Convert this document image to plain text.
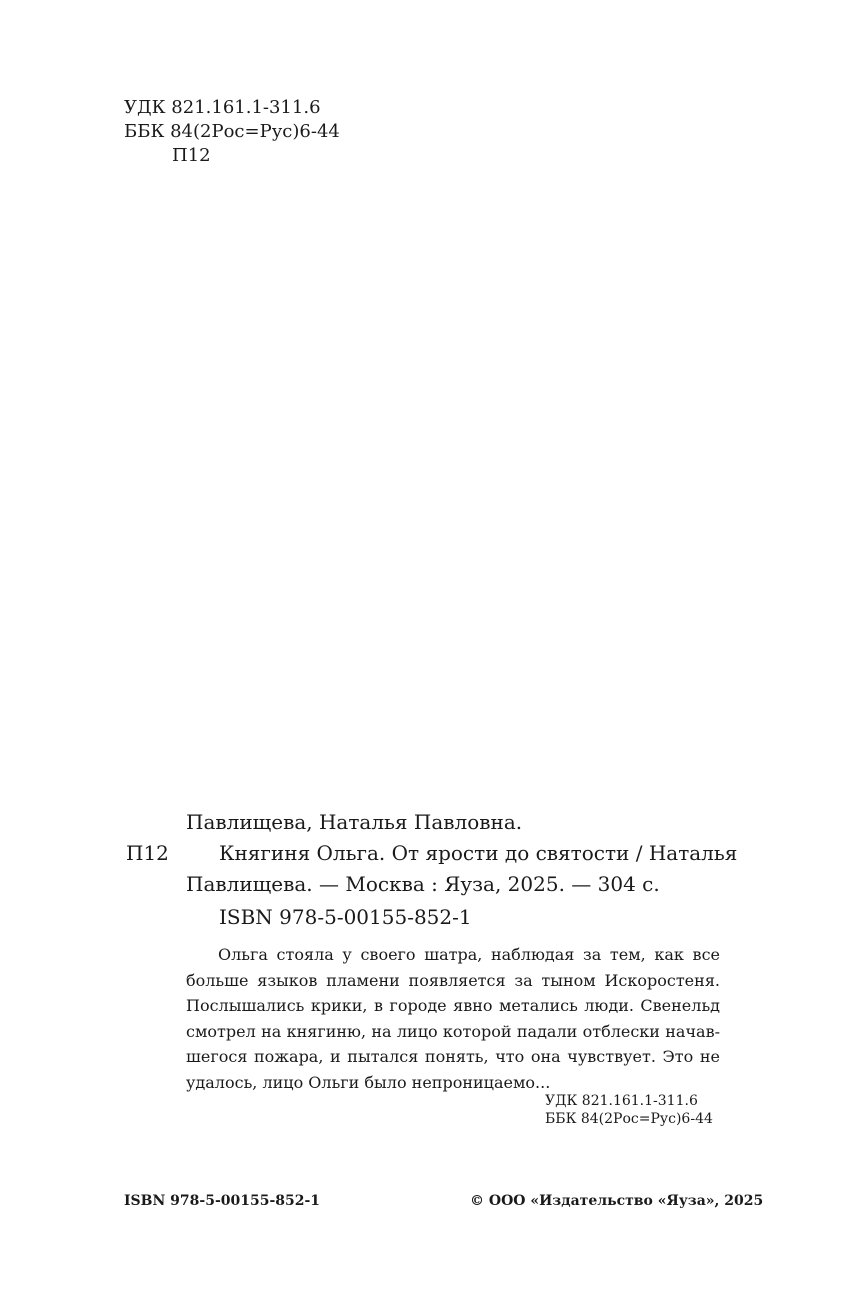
УДК 821.161.1-311.6
ББК 84(2Рос=Рус)6-44
П12
Павлищева, Наталья Павловна.
П12	Княгиня Ольга. От ярости до святости / Наталья
Павлищева. — Москва : Яуза, 2025. — 304 с.
ISBN 978-5-00155-852-1
Ольга стояла у своего шатра, наблюдая за тем, как все
больше языков пламени появляется за тыном Искоростеня.
Послышались крики, в городе явно метались люди. Свенельд
смотрел на княгиню, на лицо которой падали отблески начав-
шегося пожара, и пытался понять, что она чувствует. Это не
удалось, лицо Ольги было непроницаемо...
УДК 821.161.1-311.6
ББК 84(2Рос=Рус)6-44
ISBN 978-5-00155-852-1	© ООО «Издательство «Яуза», 2025
